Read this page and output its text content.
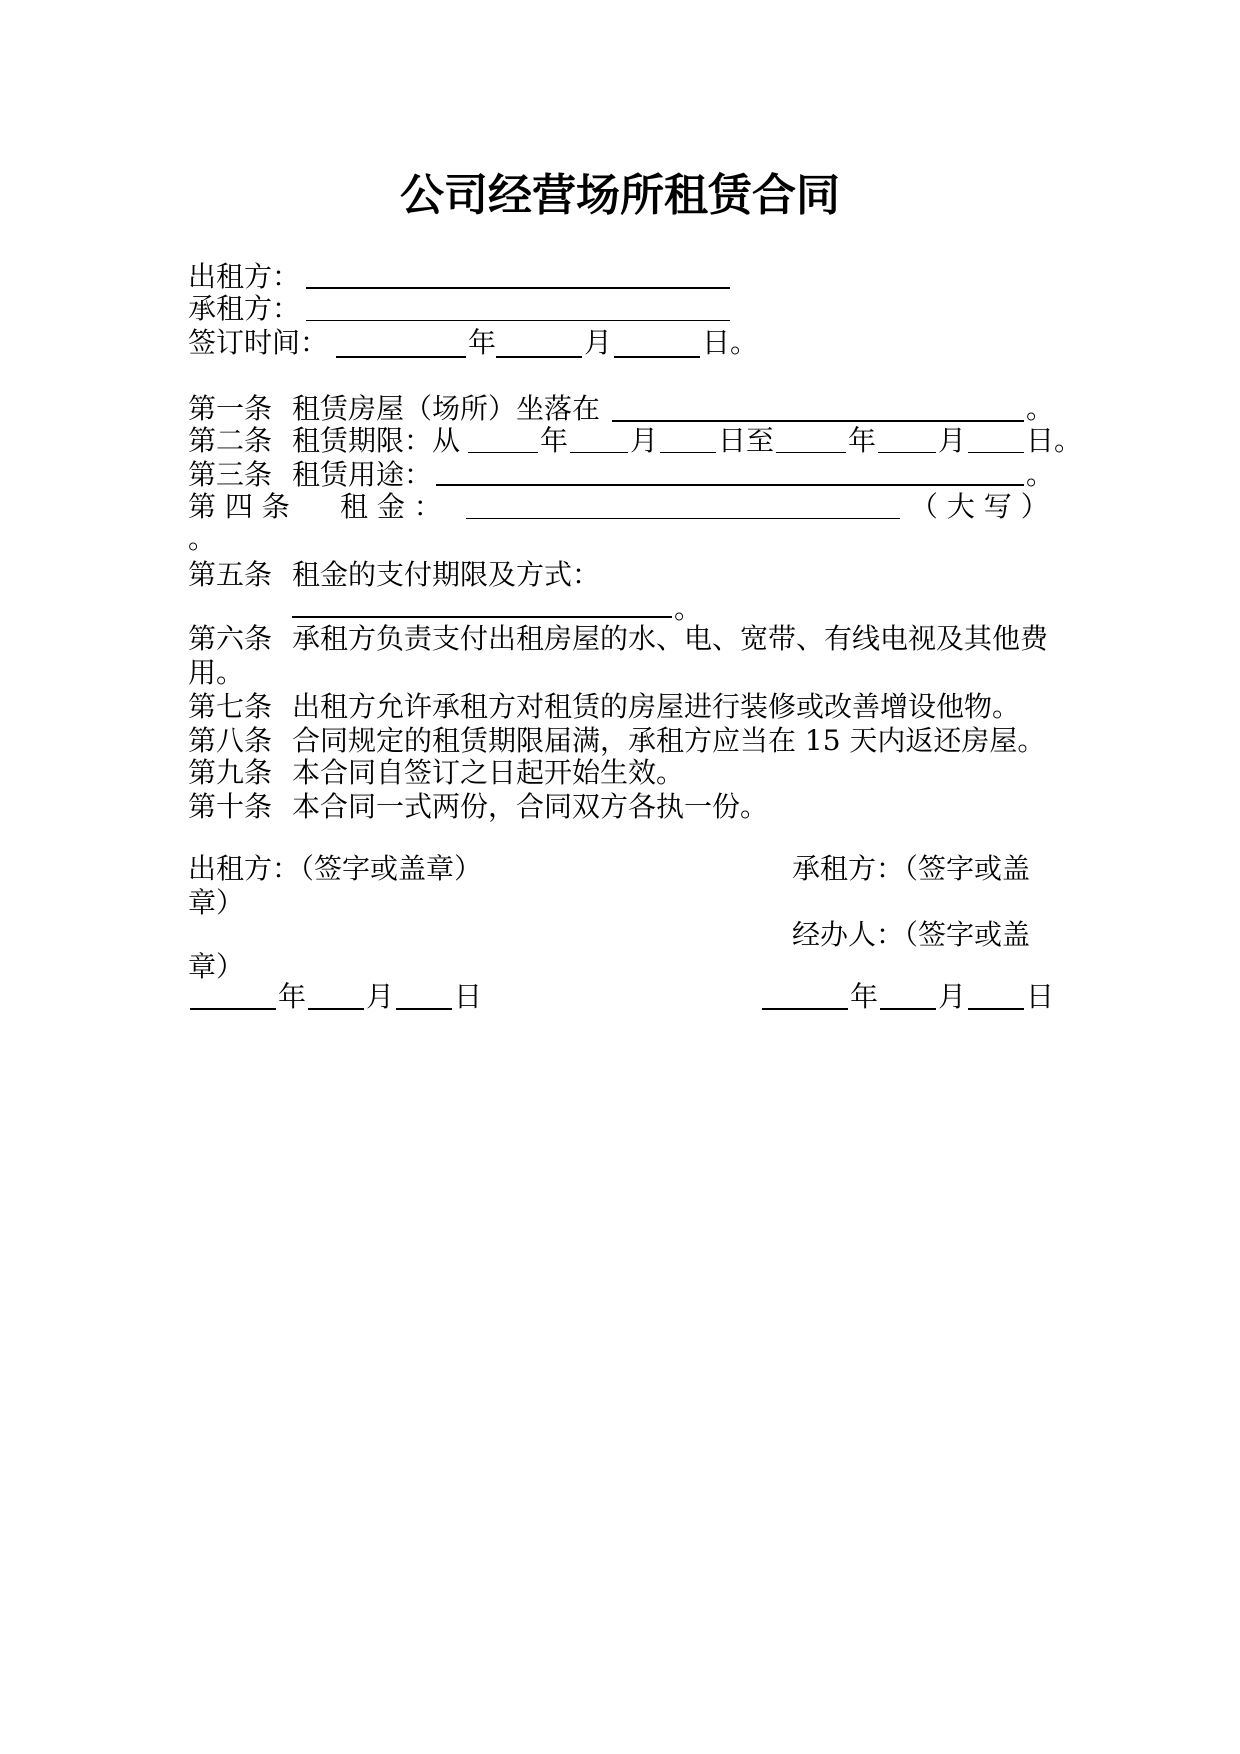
公司经营场所租赁合同
出租方：
承租方：
签订时间：	年	月	日。
第一条 租赁房屋（场所）坐落在	。
第二条 租赁期限：从	年 月 日至	年 月 日。
第三条 租赁用途：	。
第 四 条 租 金 ：	（ 大 写 ）
。
第五条 租金的支付期限及方式：
。
第六条 承租方负责支付出租房屋的水、电、宽带、有线电视及其他费
用。
第七条 出租方允许承租方对租赁的房屋进行装修或改善增设他物。
第八条 合同规定的租赁期限届满，承租方应当在 15 天内返还房屋。
第九条 本合同自签订之日起开始生效。
第十条 本合同一式两份，合同双方各执一份。
出租方：（签字或盖章）	承租方：（签字或盖
章）
经办人：（签字或盖
章）
年 月 日	年 月 日
